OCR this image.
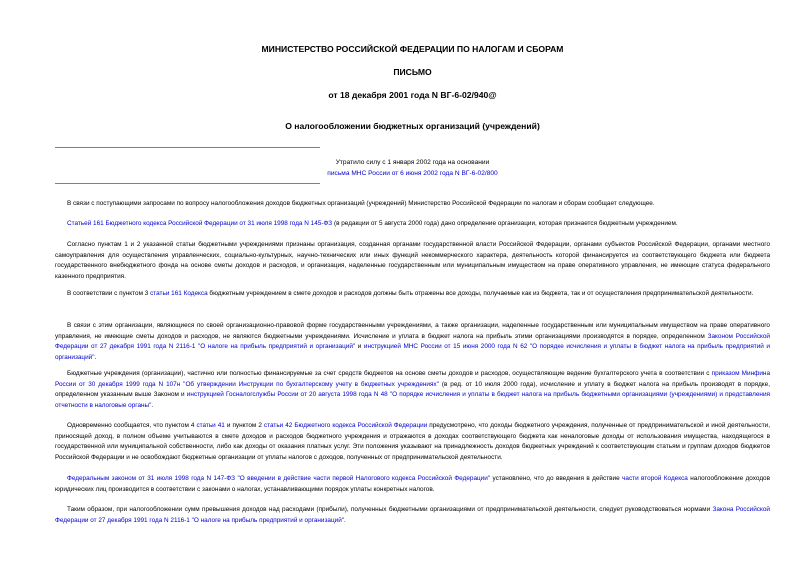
МИНИСТЕРСТВО РОССИЙСКОЙ ФЕДЕРАЦИИ ПО НАЛОГАМ И СБОРАМ
ПИСЬМО
от 18 декабря 2001 года N ВГ-6-02/940@
О налогообложении бюджетных организаций (учреждений)
Утратило силу с 1 января 2002 года на основании
письма МНС России от 6 июня 2002 года N ВГ-6-02/800
В связи с поступающими запросами по вопросу налогообложения доходов бюджетных организаций (учреждений) Министерство Российской Федерации по налогам и сборам сообщает следующее.
Статьей 161 Бюджетного кодекса Российской Федерации от 31 июля 1998 года N 145-ФЗ (в редакции от 5 августа 2000 года) дано определение организации, которая признается бюджетным учреждением.
Согласно пунктам 1 и 2 указанной статьи бюджетными учреждениями признаны организация, созданная органами государственной власти Российской Федерации, органами субъектов Российской Федерации, органами местного самоуправления для осуществления управленческих, социально-культурных, научно-технических или иных функций некоммерческого характера, деятельность которой финансируется из соответствующего бюджета или бюджета государственного внебюджетного фонда на основе сметы доходов и расходов, и организация, наделенные государственным или муниципальным имуществом на праве оперативного управления, не имеющие статуса федерального казенного предприятия.
В соответствии с пунктом 3 статьи 161 Кодекса бюджетным учреждением в смете доходов и расходов должны быть отражены все доходы, получаемые как из бюджета, так и от осуществления предпринимательской деятельности.
В связи с этим организации, являющиеся по своей организационно-правовой форме государственными учреждениями, а также организации, наделенные государственным или муниципальным имуществом на праве оперативного управления, не имеющие сметы доходов и расходов, не являются бюджетными учреждениями. Исчисление и уплата в бюджет налога на прибыль этими организациями производятся в порядке, определенном Законом Российской Федерации от 27 декабря 1991 года N 2116-1 "О налоге на прибыль предприятий и организаций" и инструкцией МНС России от 15 июня 2000 года N 62 "О порядке исчисления и уплаты в бюджет налога на прибыль предприятий и организаций".
Бюджетные учреждения (организации), частично или полностью финансируемые за счет средств бюджетов на основе сметы доходов и расходов, осуществляющие ведение бухгалтерского учета в соответствии с приказом Минфина России от 30 декабря 1999 года N 107н "Об утверждении Инструкции по бухгалтерскому учету в бюджетных учреждениях" (в ред. от 10 июля 2000 года), исчисление и уплату в бюджет налога на прибыль производят в порядке, определенном указанным выше Законом и инструкцией Госналогслужбы России от 20 августа 1998 года N 48 "О порядке исчисления и уплаты в бюджет налога на прибыль бюджетными организациями (учреждениями) и представления отчетности в налоговые органы".
Одновременно сообщается, что пунктом 4 статьи 41 и пунктом 2 статьи 42 Бюджетного кодекса Российской Федерации предусмотрено, что доходы бюджетного учреждения, полученные от предпринимательской и иной деятельности, приносящей доход, в полном объеме учитываются в смете доходов и расходов бюджетного учреждения и отражаются в доходах соответствующего бюджета как неналоговые доходы от использования имущества, находящегося в государственной или муниципальной собственности, либо как доходы от оказания платных услуг. Эти положения указывают на принадлежность доходов бюджетных учреждений к соответствующим статьям и группам доходов бюджетов Российской Федерации и не освобождают бюджетные организации от уплаты налогов с доходов, полученных от предпринимательской деятельности.
Федеральным законом от 31 июля 1998 года N 147-ФЗ "О введении в действие части первой Налогового кодекса Российской Федерации" установлено, что до введения в действие части второй Кодекса налогообложение доходов юридических лиц производится в соответствии с законами о налогах, устанавливающими порядок уплаты конкретных налогов.
Таким образом, при налогообложении сумм превышения доходов над расходами (прибыли), полученных бюджетными организациями от предпринимательской деятельности, следует руководствоваться нормами Закона Российской Федерации от 27 декабря 1991 года N 2116-1 "О налоге на прибыль предприятий и организаций".
